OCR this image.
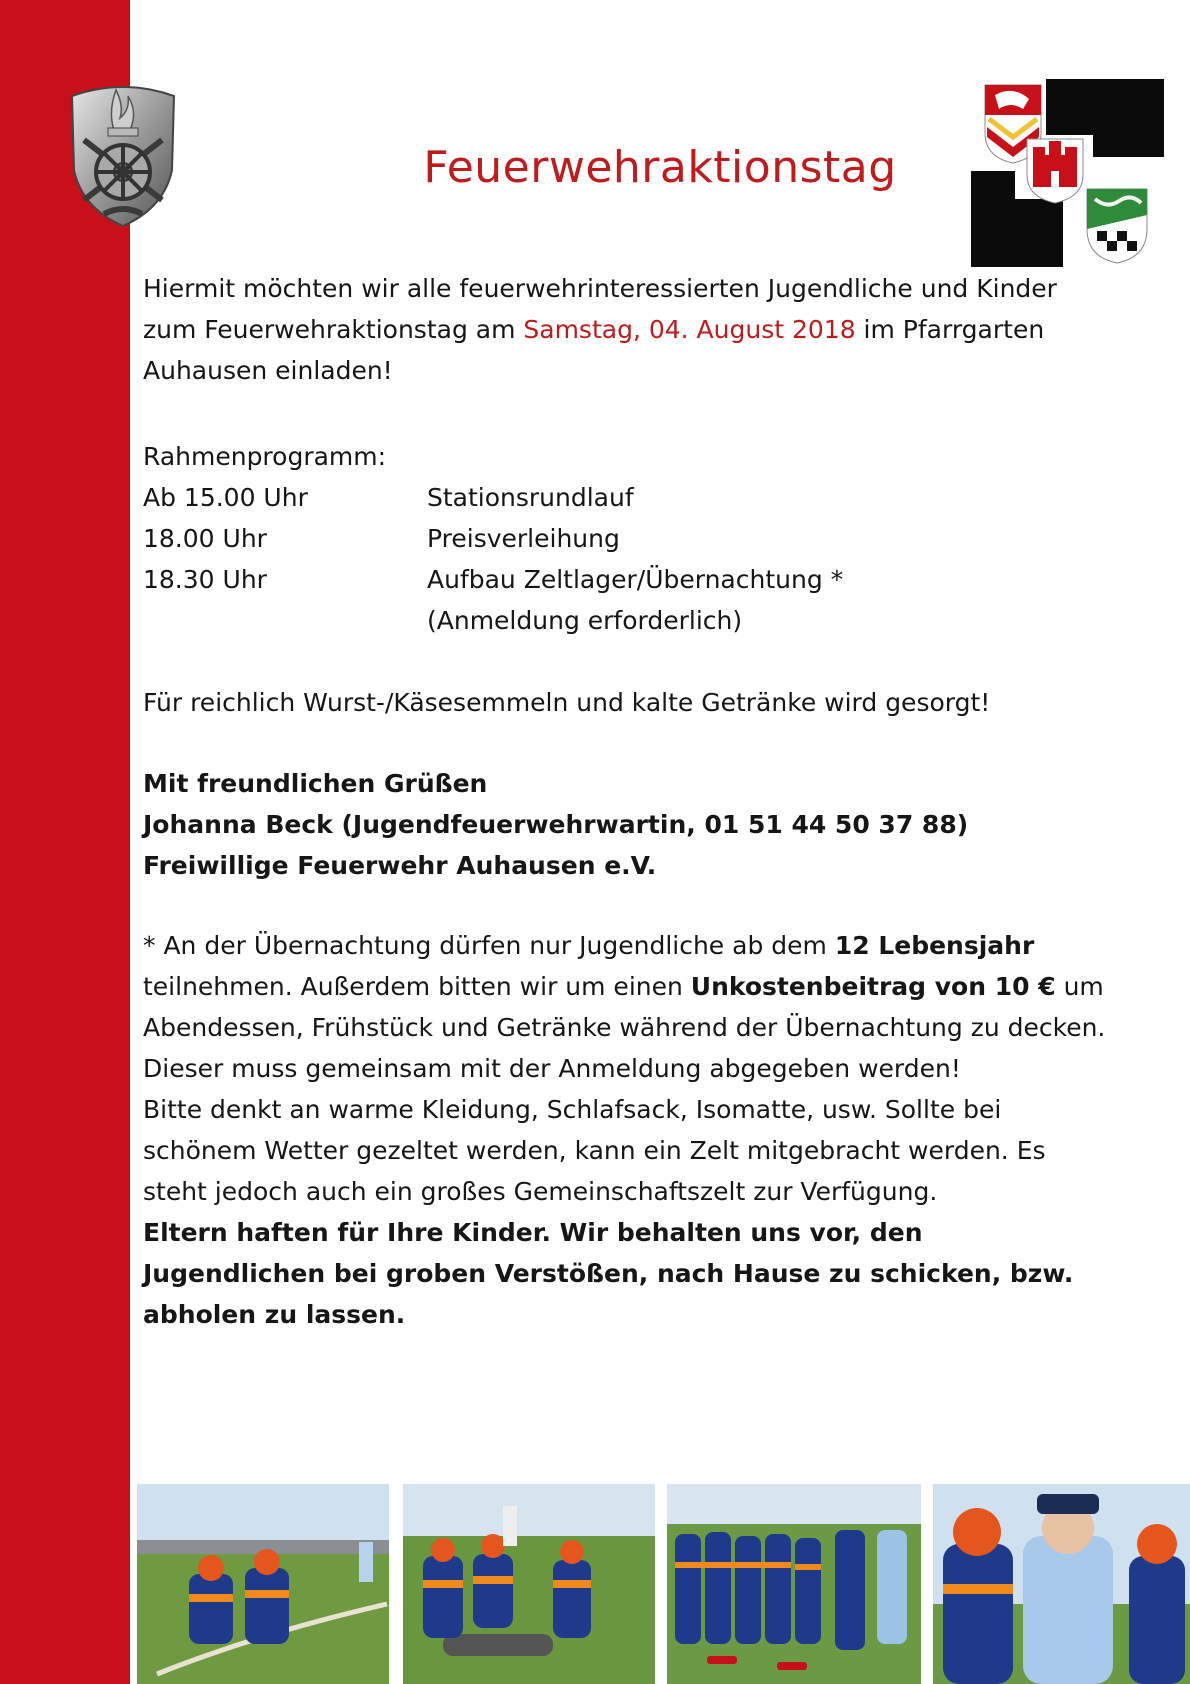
Feuerwehraktionstag
Hiermit möchten wir alle feuerwehrinteressierten Jugendliche und Kinder zum Feuerwehraktionstag am Samstag, 04. August 2018 im Pfarrgarten Auhausen einladen!
Rahmenprogramm:
Ab 15.00 Uhr	Stationsrundlauf
18.00 Uhr	Preisverleihung
18.30 Uhr	Aufbau Zeltlager/Übernachtung *
(Anmeldung erforderlich)
Für reichlich Wurst-/Käsesemmeln und kalte Getränke wird gesorgt!
Mit freundlichen Grüßen
Johanna Beck (Jugendfeuerwehrwartin, 01 51 44 50 37 88)
Freiwillige Feuerwehr Auhausen e.V.
* An der Übernachtung dürfen nur Jugendliche ab dem 12 Lebensjahr teilnehmen. Außerdem bitten wir um einen Unkostenbeitrag von 10 € um Abendessen, Frühstück und Getränke während der Übernachtung zu decken. Dieser muss gemeinsam mit der Anmeldung abgegeben werden!
Bitte denkt an warme Kleidung, Schlafsack, Isomatte, usw. Sollte bei schönem Wetter gezeltet werden, kann ein Zelt mitgebracht werden. Es steht jedoch auch ein großes Gemeinschaftszelt zur Verfügung.
Eltern haften für Ihre Kinder. Wir behalten uns vor, den Jugendlichen bei groben Verstößen, nach Hause zu schicken, bzw. abholen zu lassen.
